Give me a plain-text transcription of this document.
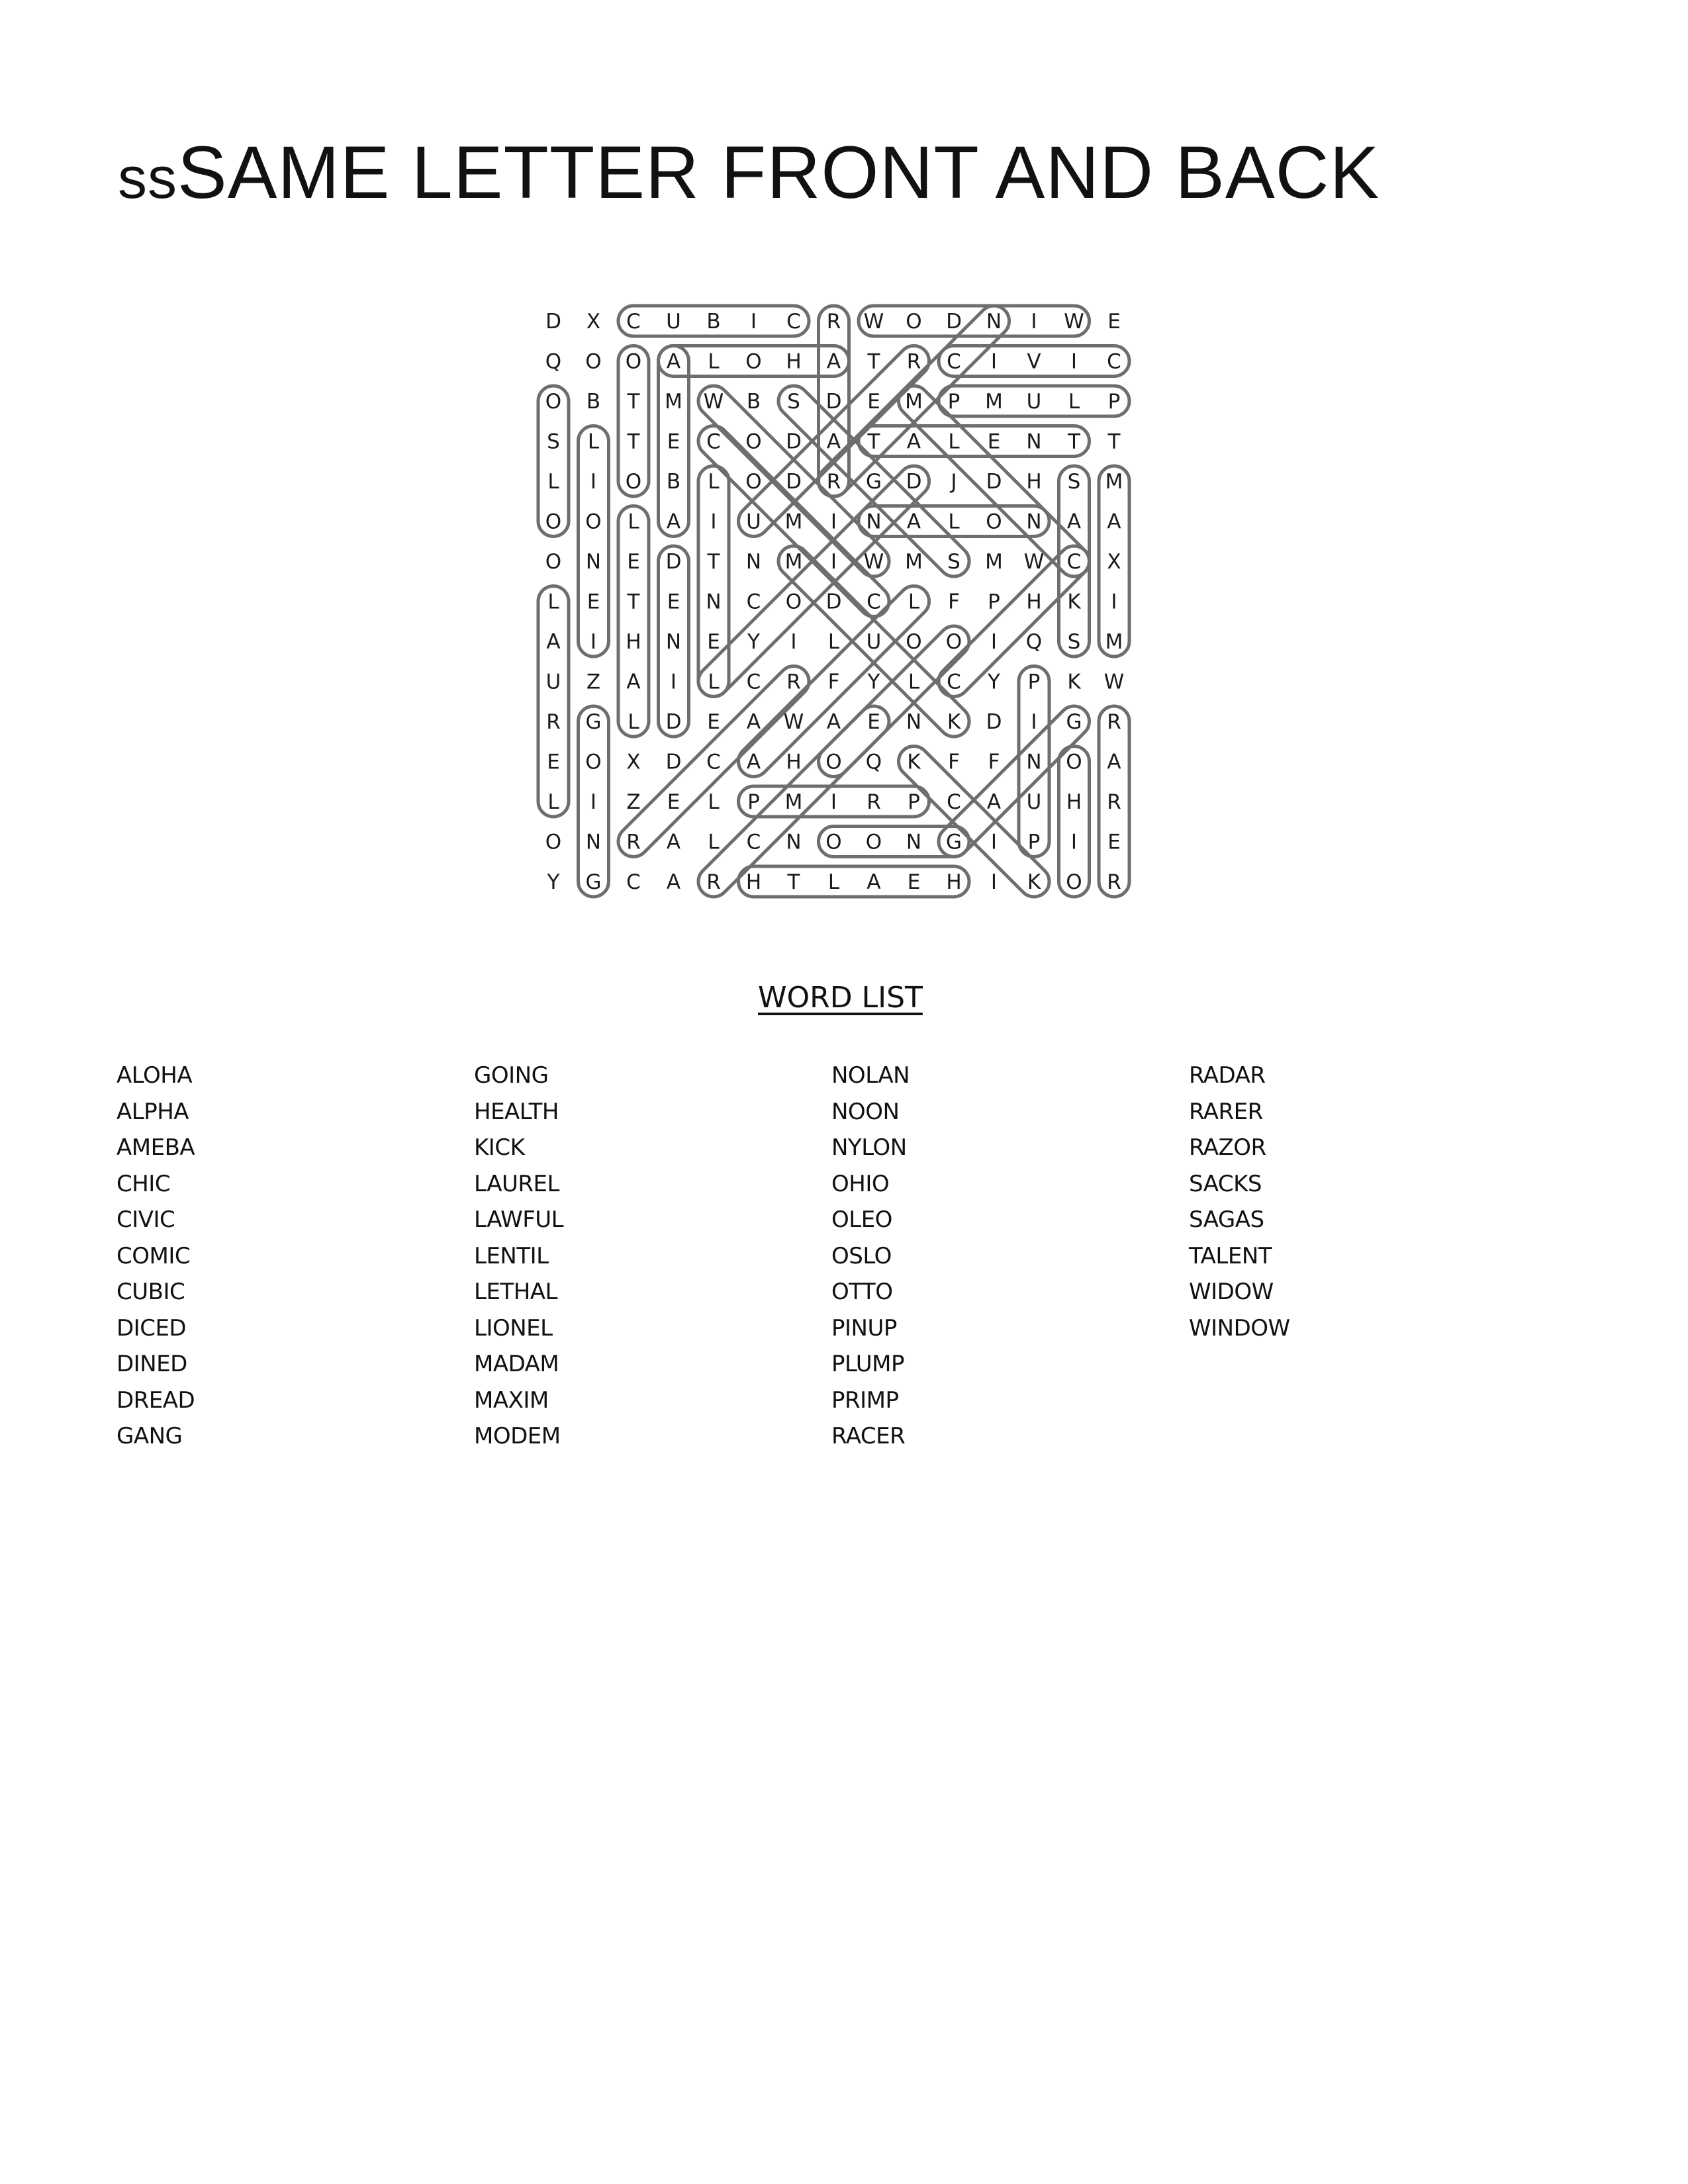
ssSAME LETTER FRONT AND BACK
D X C U B I C R W O D N I W E
Q O O A L O H A T R C I V I C
O B T M W B S D E M P M U L P
S L T E C O D A T A L E N T T
L I O B L O D R G D J D H S M
O O L A I U M I N A L O N A A
O N E D T N M I W M S M W C X
L E T E N C O D C L F P H K I
A I H N E Y I L U O O I Q S M
U Z A I L C R F Y L C Y P K W
R G L D E A W A E N K D I G R
E O X D C A H O Q K F F N O A
L I Z E L P M I R P C A U H R
O N R A L C N O O N G I P I E
Y G C A R H T L A E H I K O R
WORD LIST
ALOHA
ALPHA
AMEBA
CHIC
CIVIC
COMIC
CUBIC
DICED
DINED
DREAD
GANG
GOING
HEALTH
KICK
LAUREL
LAWFUL
LENTIL
LETHAL
LIONEL
MADAM
MAXIM
MODEM
NOLAN
NOON
NYLON
OHIO
OLEO
OSLO
OTTO
PINUP
PLUMP
PRIMP
RACER
RADAR
RARER
RAZOR
SACKS
SAGAS
TALENT
WIDOW
WINDOW
